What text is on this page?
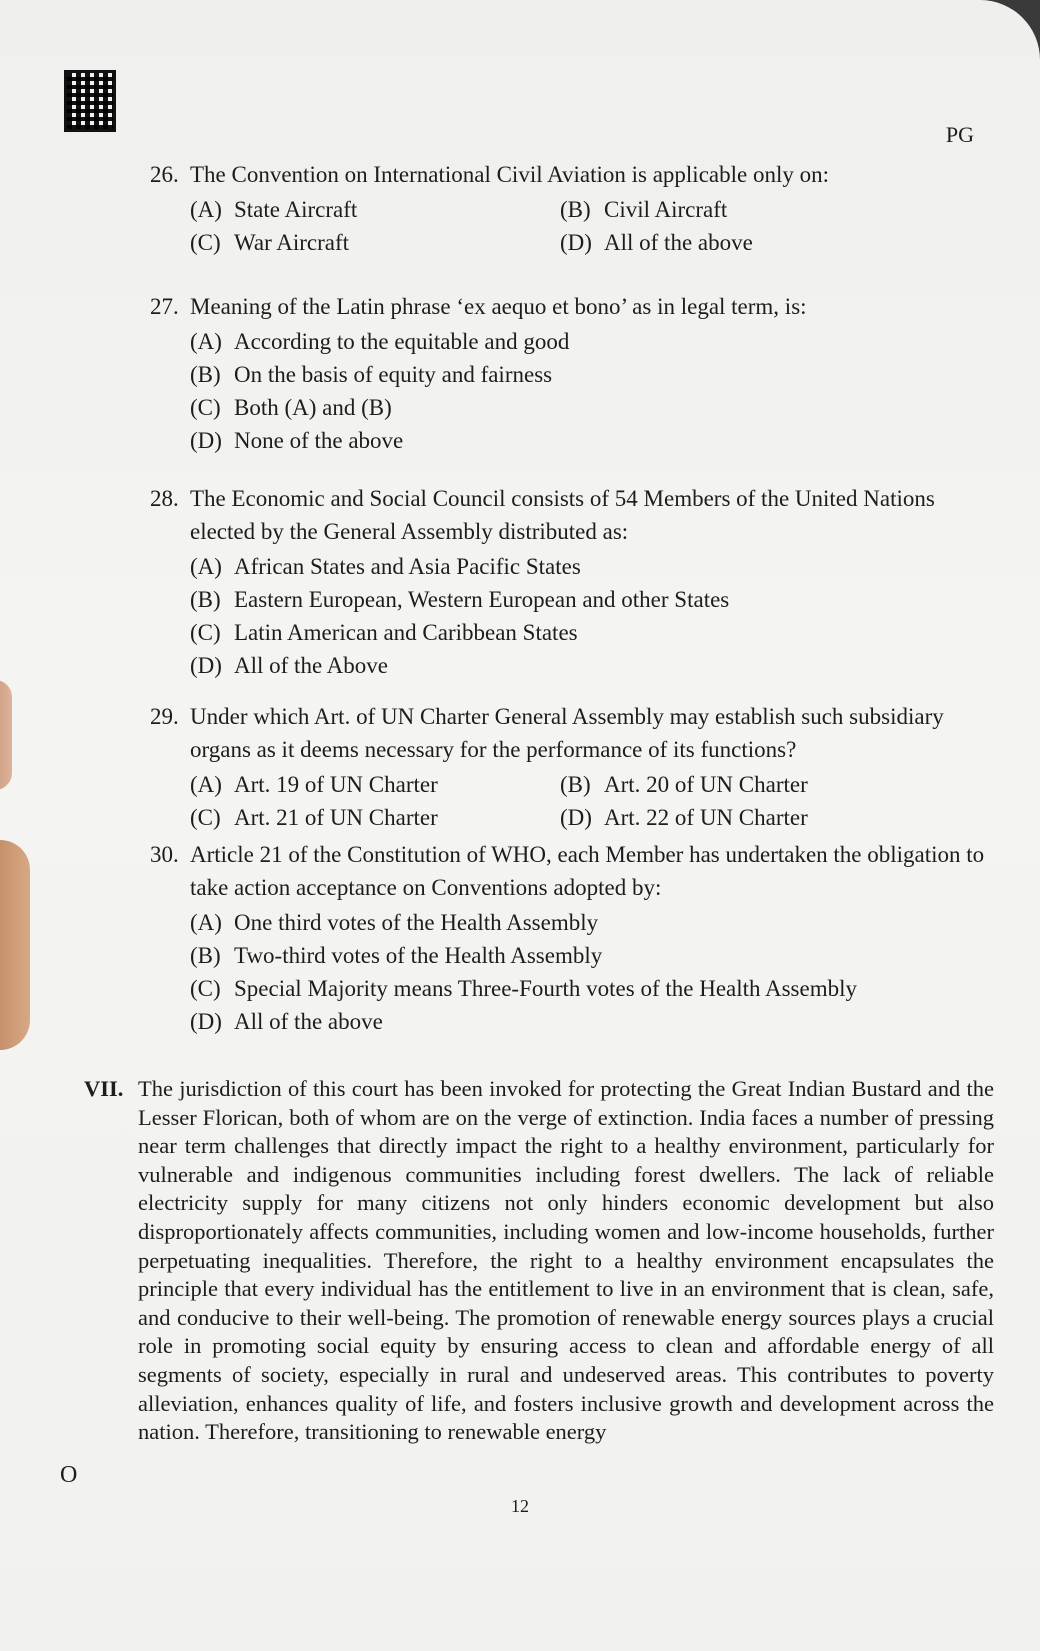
PG
26. The Convention on International Civil Aviation is applicable only on:
(A) State Aircraft	(B) Civil Aircraft
(C) War Aircraft	(D) All of the above
27. Meaning of the Latin phrase ‘ex aequo et bono’ as in legal term, is:
(A) According to the equitable and good
(B) On the basis of equity and fairness
(C) Both (A) and (B)
(D) None of the above
28. The Economic and Social Council consists of 54 Members of the United Nations elected by the General Assembly distributed as:
(A) African States and Asia Pacific States
(B) Eastern European, Western European and other States
(C) Latin American and Caribbean States
(D) All of the Above
29. Under which Art. of UN Charter General Assembly may establish such subsidiary organs as it deems necessary for the performance of its functions?
(A) Art. 19 of UN Charter	(B) Art. 20 of UN Charter
(C) Art. 21 of UN Charter	(D) Art. 22 of UN Charter
30. Article 21 of the Constitution of WHO, each Member has undertaken the obligation to take action acceptance on Conventions adopted by:
(A) One third votes of the Health Assembly
(B) Two-third votes of the Health Assembly
(C) Special Majority means Three-Fourth votes of the Health Assembly
(D) All of the above
VII. The jurisdiction of this court has been invoked for protecting the Great Indian Bustard and the Lesser Florican, both of whom are on the verge of extinction. India faces a number of pressing near term challenges that directly impact the right to a healthy environment, particularly for vulnerable and indigenous communities including forest dwellers. The lack of reliable electricity supply for many citizens not only hinders economic development but also disproportionately affects communities, including women and low-income households, further perpetuating inequalities. Therefore, the right to a healthy environment encapsulates the principle that every individual has the entitlement to live in an environment that is clean, safe, and conducive to their well-being. The promotion of renewable energy sources plays a crucial role in promoting social equity by ensuring access to clean and affordable energy of all segments of society, especially in rural and undeserved areas. This contributes to poverty alleviation, enhances quality of life, and fosters inclusive growth and development across the nation. Therefore, transitioning to renewable energy
O
12
